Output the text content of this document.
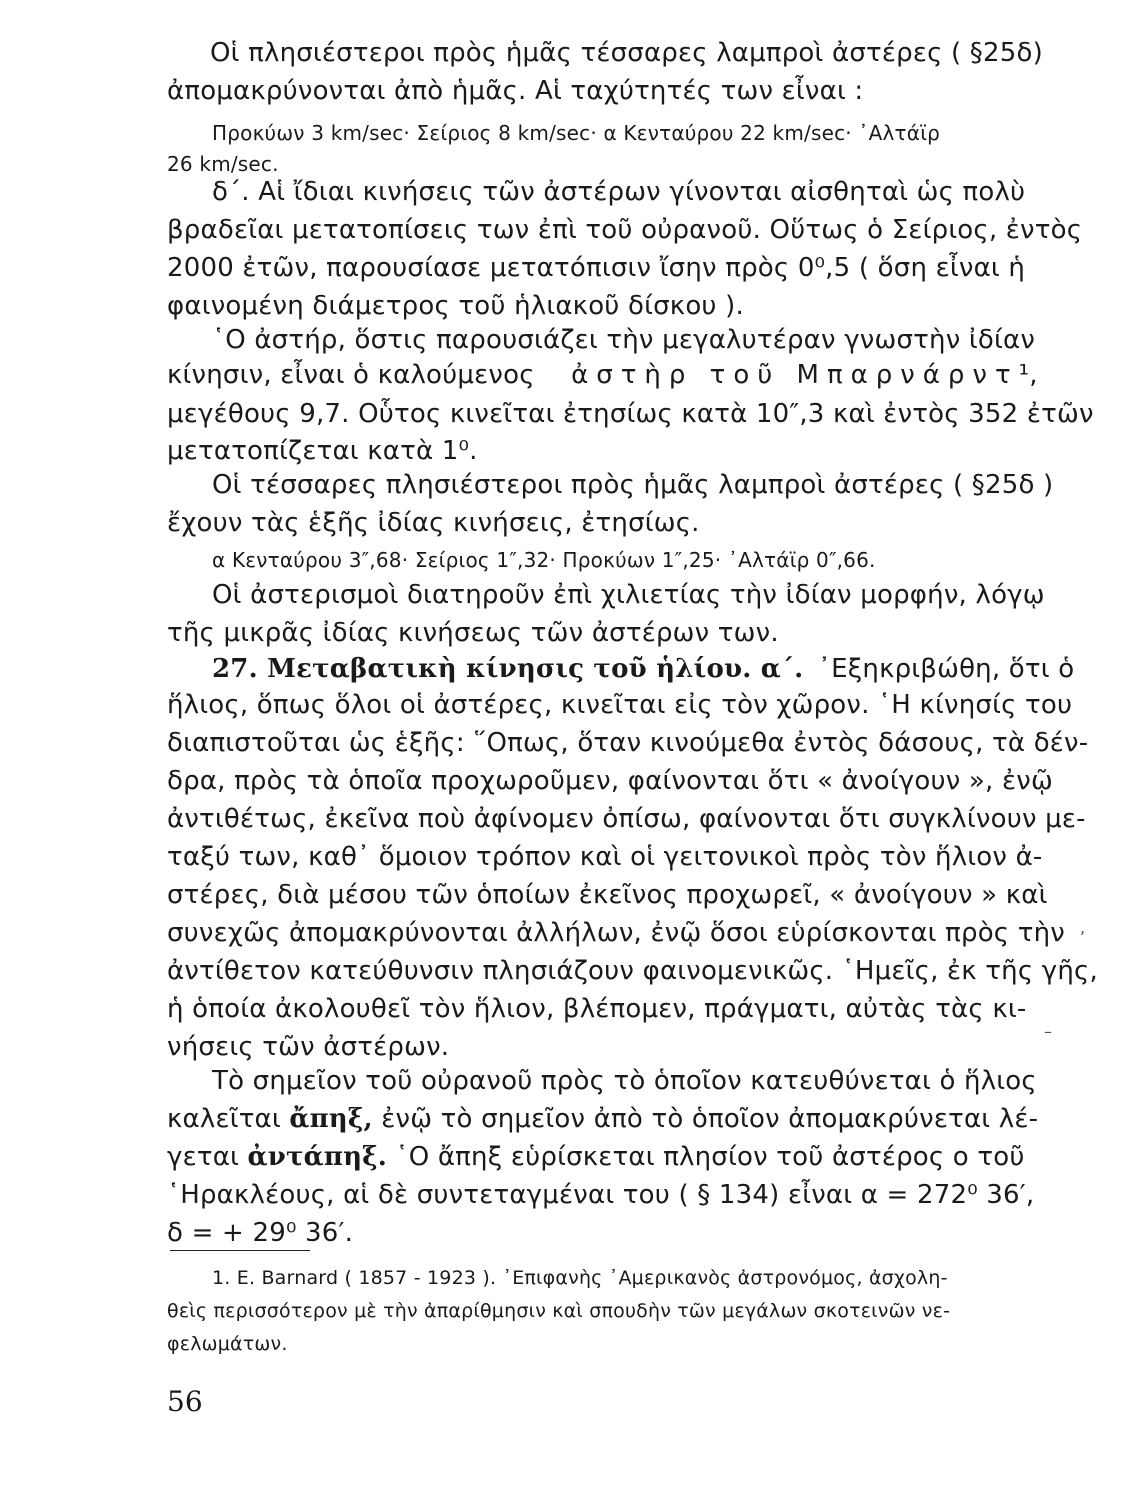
Οἱ πλησιέστεροι πρὸς ἡμᾶς τέσσαρες λαμπροὶ ἀστέρες ( §25δ)
ἀπομακρύνονται ἀπὸ ἡμᾶς. Αἱ ταχύτητές των εἶναι :
Προκύων 3 km/sec· Σείριος 8 km/sec· α Κενταύρου 22 km/sec· ᾿Αλτάϊρ
26 km/sec.
δ΄. Αἱ ἴδιαι κινήσεις τῶν ἀστέρων γίνονται αἰσθηταὶ ὡς πολὺ
βραδεῖαι μετατοπίσεις των ἐπὶ τοῦ οὐρανοῦ. Οὕτως ὁ Σείριος, ἐντὸς
2000 ἐτῶν, παρουσίασε μετατόπισιν ἴσην πρὸς 0⁰,5 ( ὅση εἶναι ἡ
φαινομένη διάμετρος τοῦ ἡλιακοῦ δίσκου ).
῾Ο ἀστήρ, ὅστις παρουσιάζει τὴν μεγαλυτέραν γνωστὴν ἰδίαν
κίνησιν, εἶναι ὁ καλούμενος ἀστὴρ τοῦ Μπαρνάρντ¹,
μεγέθους 9,7. Οὗτος κινεῖται ἐτησίως κατὰ 10″,3 καὶ ἐντὸς 352 ἐτῶν
μετατοπίζεται κατὰ 1⁰.
Οἱ τέσσαρες πλησιέστεροι πρὸς ἡμᾶς λαμπροὶ ἀστέρες ( §25δ )
ἔχουν τὰς ἑξῆς ἰδίας κινήσεις, ἐτησίως.
α Κενταύρου 3″,68· Σείριος 1″,32· Προκύων 1″,25· ᾿Αλτάϊρ 0″,66.
Οἱ ἀστερισμοὶ διατηροῦν ἐπὶ χιλιετίας τὴν ἰδίαν μορφήν, λόγῳ
τῆς μικρᾶς ἰδίας κινήσεως τῶν ἀστέρων των.
27. Μεταβατικὴ κίνησις τοῦ ἡλίου. α΄. ᾿Εξηκριβώθη, ὅτι ὁ
ἥλιος, ὅπως ὅλοι οἱ ἀστέρες, κινεῖται εἰς τὸν χῶρον. ῾Η κίνησίς του
διαπιστοῦται ὡς ἑξῆς: ῞Οπως, ὅταν κινούμεθα ἐντὸς δάσους, τὰ δέν-
δρα, πρὸς τὰ ὁποῖα προχωροῦμεν, φαίνονται ὅτι « ἀνοίγουν », ἐνῷ
ἀντιθέτως, ἐκεῖνα ποὺ ἀφίνομεν ὀπίσω, φαίνονται ὅτι συγκλίνουν με-
ταξύ των, καθ᾿ ὅμοιον τρόπον καὶ οἱ γειτονικοὶ πρὸς τὸν ἥλιον ἀ-
στέρες, διὰ μέσου τῶν ὁποίων ἐκεῖνος προχωρεῖ, « ἀνοίγουν » καὶ
συνεχῶς ἀπομακρύνονται ἀλλήλων, ἐνῷ ὅσοι εὑρίσκονται πρὸς τὴν
ἀντίθετον κατεύθυνσιν πλησιάζουν φαινομενικῶς. ῾Ημεῖς, ἐκ τῆς γῆς,
ἡ ὁποία ἀκολουθεῖ τὸν ἥλιον, βλέπομεν, πράγματι, αὐτὰς τὰς κι-
νήσεις τῶν ἀστέρων.
Τὸ σημεῖον τοῦ οὐρανοῦ πρὸς τὸ ὁποῖον κατευθύνεται ὁ ἥλιος
καλεῖται ἄπηξ, ἐνῷ τὸ σημεῖον ἀπὸ τὸ ὁποῖον ἀπομακρύνεται λέ-
γεται ἀντάπηξ. ῾Ο ἄπηξ εὑρίσκεται πλησίον τοῦ ἀστέρος ο τοῦ
῾Ηρακλέους, αἱ δὲ συντεταγμέναι του ( § 134) εἶναι α = 272⁰ 36′,
δ = + 29⁰ 36′.
1. E. Barnard ( 1857 - 1923 ). ᾿Επιφανὴς ᾿Αμερικανὸς ἀστρονόμος, ἀσχολη-
θεὶς περισσότερον μὲ τὴν ἀπαρίθμησιν καὶ σπουδὴν τῶν μεγάλων σκοτεινῶν νε-
φελωμάτων.
56
,
–
